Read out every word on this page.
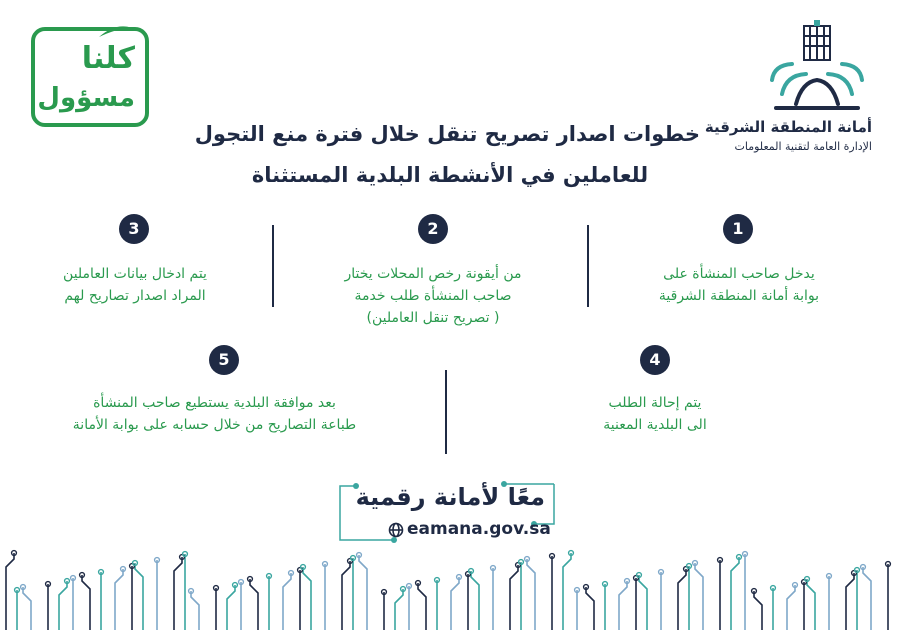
كلنا
مسؤول
أمانة المنطقة الشرقية
الإدارة العامة لتقنية المعلومات
خطوات اصدار تصريح تنقل خلال فترة منع التجول
للعاملين في الأنشطة البلدية المستثناة
1
يدخل صاحب المنشأة على
بوابة أمانة المنطقة الشرقية
2
من أيقونة رخص المحلات يختار
صاحب المنشأة طلب خدمة
( تصريح تنقل العاملين)
3
يتم ادخال بيانات العاملين
المراد اصدار تصاريح لهم
4
يتم إحالة الطلب
الى البلدية المعنية
5
بعد موافقة البلدية يستطيع صاحب المنشأة
طباعة التصاريح من خلال حسابه على بوابة الأمانة
معًا لأمانة رقمية
eamana.gov.sa
